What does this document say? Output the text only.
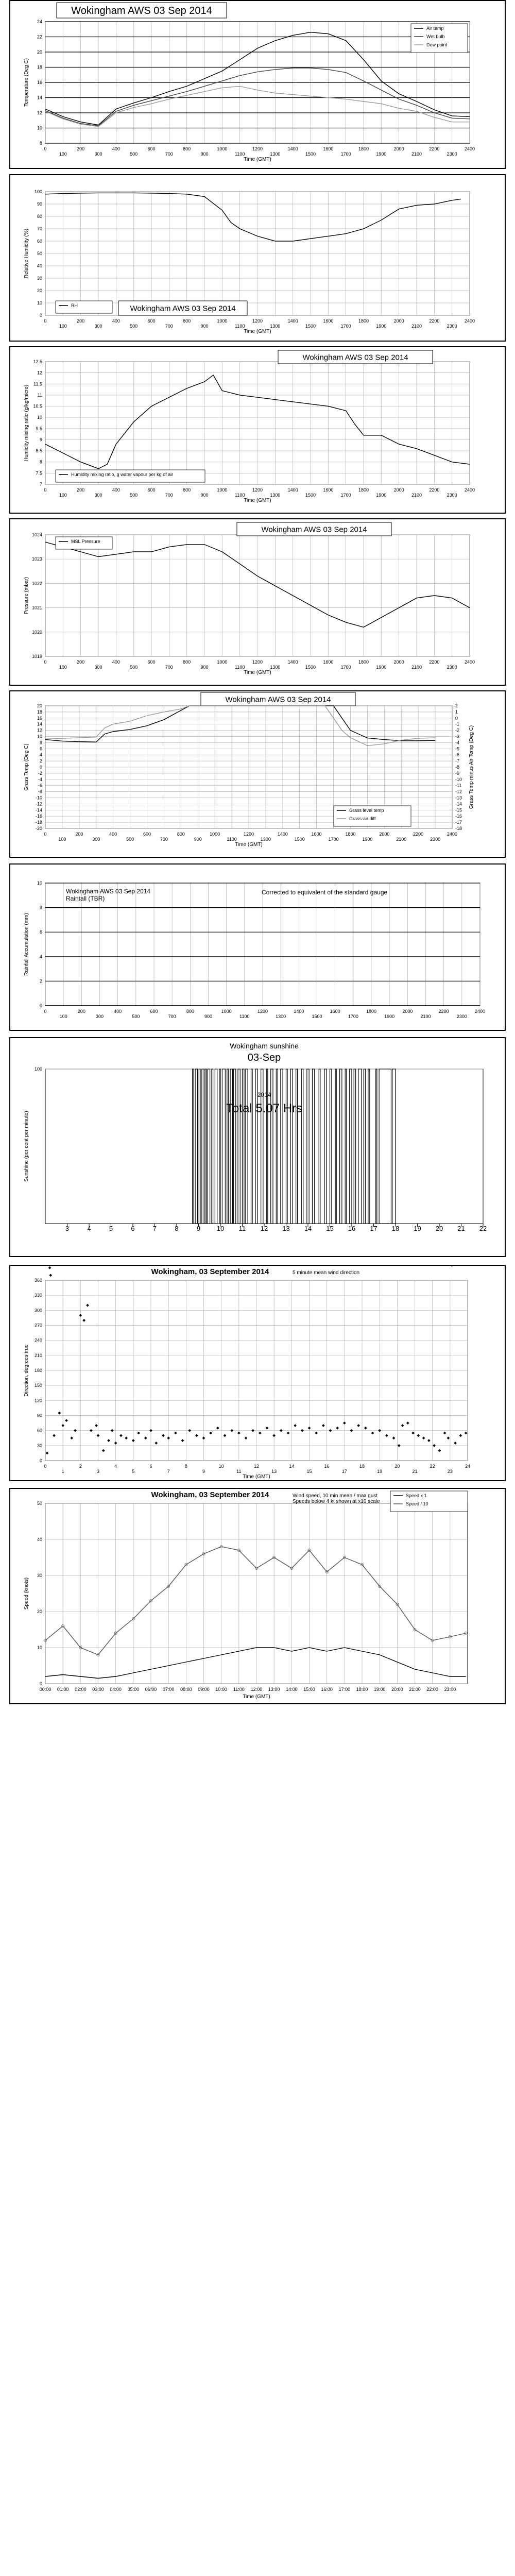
0
100
200
300
400
500
600
700
800
900
1000
1100
1200
1300
1400
1500
1600
1700
1800
1900
2000
2100
2200
2300
2400
8
10
12
14
16
18
20
22
24
Time (GMT)
Temperature (Deg C)
Wokingham AWS 03 Sep 2014
Air temp
Wet bulb
Dew point
0
100
200
300
400
500
600
700
800
900
1000
1100
1200
1300
1400
1500
1600
1700
1800
1900
2000
2100
2200
2300
2400
0
10
20
30
40
50
60
70
80
90
100
Time (GMT)
Relative Humidity (%)
Wokingham AWS 03 Sep 2014
RH
0
100
200
300
400
500
600
700
800
900
1000
1100
1200
1300
1400
1500
1600
1700
1800
1900
2000
2100
2200
2300
2400
7
7.5
8
8.5
9
9.5
10
10.5
11
11.5
12
12.5
Time (GMT)
Humidity mixing ratio (g/kg/micro)
Wokingham AWS 03 Sep 2014
Humidity mixing ratio, g water vapour per kg of air
0
100
200
300
400
500
600
700
800
900
1000
1100
1200
1300
1400
1500
1600
1700
1800
1900
2000
2100
2200
2300
2400
1019
1020
1021
1022
1023
1024
Time (GMT)
Pressure (mbar)
Wokingham AWS 03 Sep 2014
MSL Pressure
0
100
200
300
400
500
600
700
800
900
1000
1100
1200
1300
1400
1500
1600
1700
1800
1900
2000
2100
2200
2300
2400
20
18
16
14
12
10
8
6
4
2
0
-2
-4
-6
-8
-10
-12
-14
-16
-18
-20
2
1
0
-1
-2
-3
-4
-5
-6
-7
-8
-9
-10
-11
-12
-13
-14
-15
-16
-17
-18
Time (GMT)
Grass Temp (Deg C)	Grass Temp minus Air Temp (Deg C)
Wokingham AWS 03 Sep 2014
Grass level temp
Grass-air diff
0
100
200
300
400
500
600
700
800
900
1000
1100
1200
1300
1400
1500
1600
1700
1800
1900
2000
2100
2200
2300
2400
0
2
4
6
8
10
Rainfall Accumulation (mm)
Wokingham AWS 03 Sep 2014
Raintall (TBR)
Corrected to equivalent of the standard gauge
3	4	5	6	7	8	9 10 11 12 13 14 15 16 17 18 19 20 21 22
100
Sunshine (per cent per minute)
Wokingham sunshine
03-Sep
2014
Total 5.07 Hrs
0
1
2
3
4
5
6
7
8
9
10
11
12
13
14
15
16
17
18
19
20
21
22
23
24
0
30
60
90
120
150
180
210
240
270
300
330
360
Time (GMT)
Direction, degrees true
Wokingham, 03 September 2014	5 minute mean wind direction
00:00 01:00 02:00 03:00 04:00 05:00 06:00 07:00 08:00 09:00 10:00 11:00 12:00 13:00 14:00 15:00 16:00 17:00 18:00 19:00 20:00 21:00 22:00 23:00
0
10
20
30
40
50
Time (GMT)
Speed (knots)
Wokingham, 03 September 2014	Wind speed, 10 min mean / max gust
Speeds below 4 kt shown at x10 scale
Speed x 1
Speed / 10
